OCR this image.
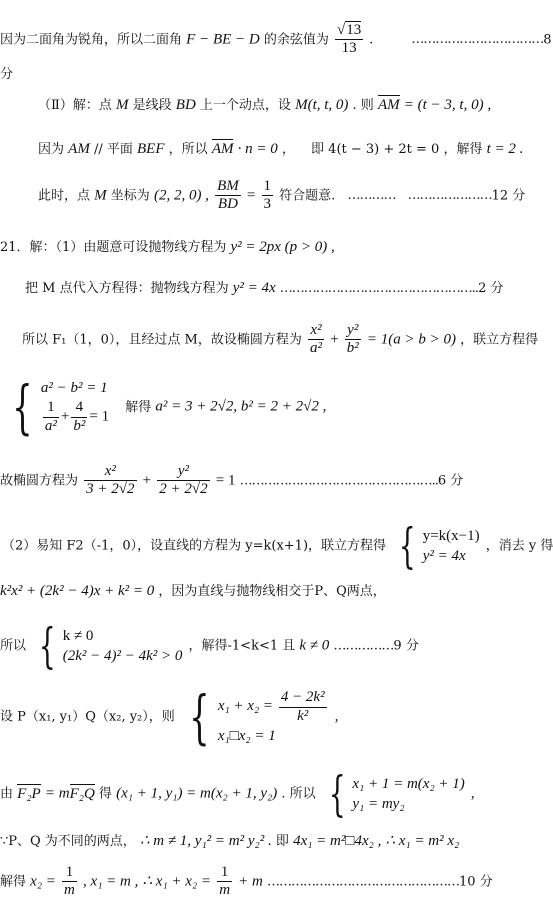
因为二面角为锐角，所以二面角 F − BE − D 的余弦值为 $\frac{√13}{13}$ .	……………………………8
分
（Ⅱ）解：点 M 是线段 BD 上一个动点，设 M(t, t, 0) . 则 AM = (t − 3, t, 0) ,
因为 AM // 平面 BEF ，所以 AM · n = 0 ， 即 4(t − 3) + 2t = 0 ，解得 t = 2 .
此时，点 M 坐标为 (2, 2, 0) , $\frac{BM}{BD} = \frac{1}{3}$ 符合题意. ………… …………………12 分
21．解：（1）由题意可设抛物线方程为 y² = 2px (p > 0) ,
把 M 点代入方程得：抛物线方程为 y² = 4x …………………………………………..2 分
所以 F₁（1，0），且经过点 M，故设椭圆方程为 $\frac{\text{x²}}{\text{a²}} + \frac{\text{y²}}{\text{b²}} = 1(a > b > 0)$ ，联立方程得
{ a² − b² = 1
$\frac{1}{\text{a²}} + \frac{4}{\text{b²}} = 1$
解得 a² = 3 + 2√2, b² = 2 + 2√2 ,
故椭圆方程为 $\frac{\text{x²}}{3 + 2√2} + \frac{\text{y²}}{2 + 2√2} = 1$ …………………………………………..6 分
（2）易知 F2（-1，0），设直线的方程为 y=k(x+1)，联立方程得 { y=k(x−1)
y² = 4x
，消去 y 得
k²x² + (2k² − 4)x + k² = 0 ，因为直线与抛物线相交于P、Q两点，
所以 { k ≠ 0
(2k² − 4)² − 4k² > 0
，解得-1<k<1 且 k ≠ 0 ……………9 分
设 P（x₁, y₁）Q（x₂, y₂），则 { $x_1 + x_2 = \frac{\text{4 − 2k²}}{\text{k²}}$
x₁□x₂ = 1
,
由 F₂P = mF₂Q 得 (x₁ + 1, y₁) = m(x₂ + 1, y₂) . 所以 { x₁ + 1 = m(x₂ + 1)
y₁ = my₂
,
∵P、Q 为不同的两点， ∴ m ≠ 1, y₁² = m² y₂² . 即 4x₁ = m²□4x₂ , ∴ x₁ = m² x₂
解得 $x_2 = \frac{1}{m}$ , x₁ = m , ∴ $x_1 + x_2 = \frac{1}{m} + m$ …………………………………………10 分
